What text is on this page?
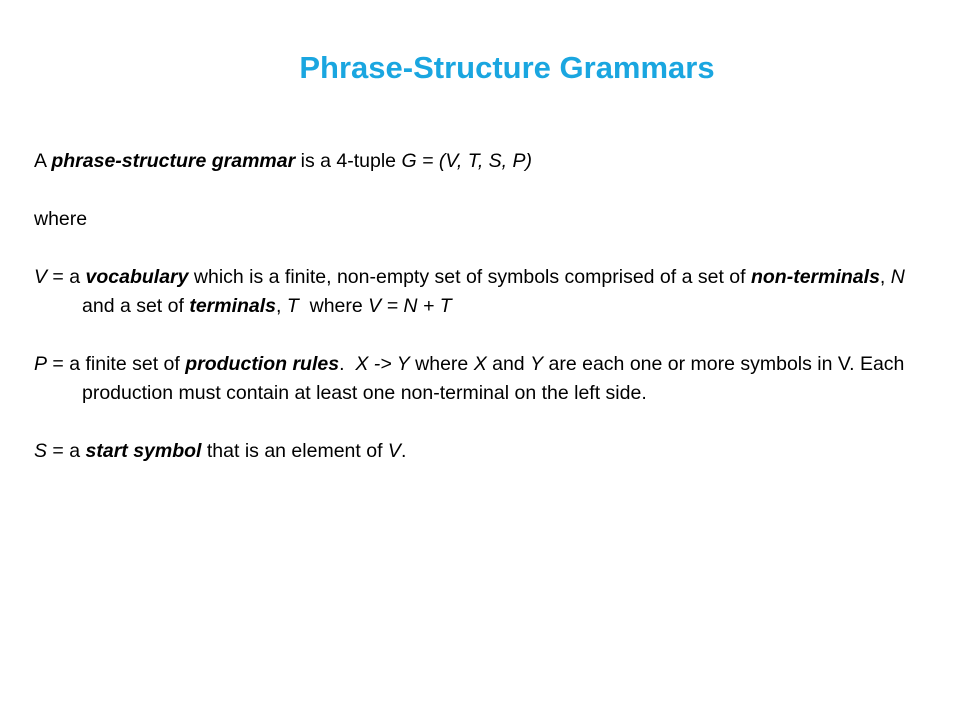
Phrase-Structure Grammars

A phrase-structure grammar is a 4-tuple G = (V, T, S, P)

where

V = a vocabulary which is a finite, non-empty set of symbols comprised of a set of non-terminals, N and a set of terminals, T  where V = N + T

P = a finite set of production rules.  X -> Y where X and Y are each one or more symbols in V. Each production must contain at least one non-terminal on the left side.

S = a start symbol that is an element of V.
